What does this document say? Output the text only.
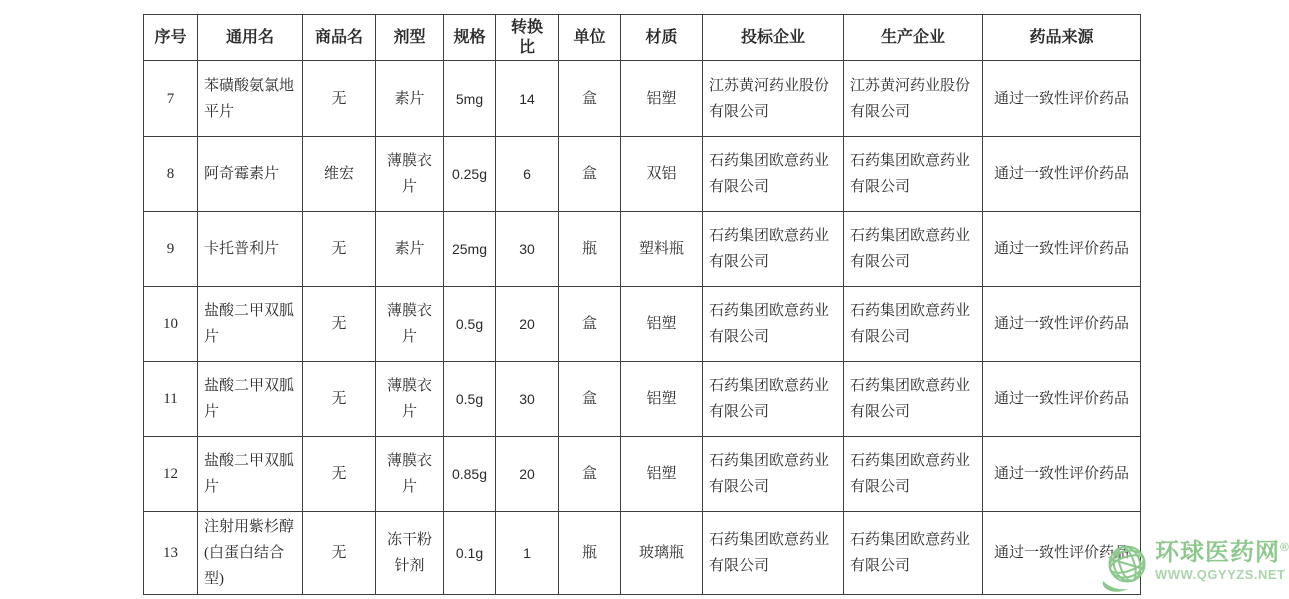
序号	通用名	商品名	剂型	规格	转换比	单位	材质	投标企业	生产企业	药品来源
7	苯磺酸氨氯地平片	无	素片	5mg	14	盒	铝塑	江苏黄河药业股份有限公司	江苏黄河药业股份有限公司	通过一致性评价药品
8	阿奇霉素片	维宏	薄膜衣片	0.25g	6	盒	双铝	石药集团欧意药业有限公司	石药集团欧意药业有限公司	通过一致性评价药品
9	卡托普利片	无	素片	25mg	30	瓶	塑料瓶	石药集团欧意药业有限公司	石药集团欧意药业有限公司	通过一致性评价药品
10	盐酸二甲双胍片	无	薄膜衣片	0.5g	20	盒	铝塑	石药集团欧意药业有限公司	石药集团欧意药业有限公司	通过一致性评价药品
11	盐酸二甲双胍片	无	薄膜衣片	0.5g	30	盒	铝塑	石药集团欧意药业有限公司	石药集团欧意药业有限公司	通过一致性评价药品
12	盐酸二甲双胍片	无	薄膜衣片	0.85g	20	盒	铝塑	石药集团欧意药业有限公司	石药集团欧意药业有限公司	通过一致性评价药品
13	注射用紫杉醇(白蛋白结合型)	无	冻干粉针剂	0.1g	1	瓶	玻璃瓶	石药集团欧意药业有限公司	石药集团欧意药业有限公司	通过一致性评价药品 环球医药网®
WWW.QGYYZS.NET
